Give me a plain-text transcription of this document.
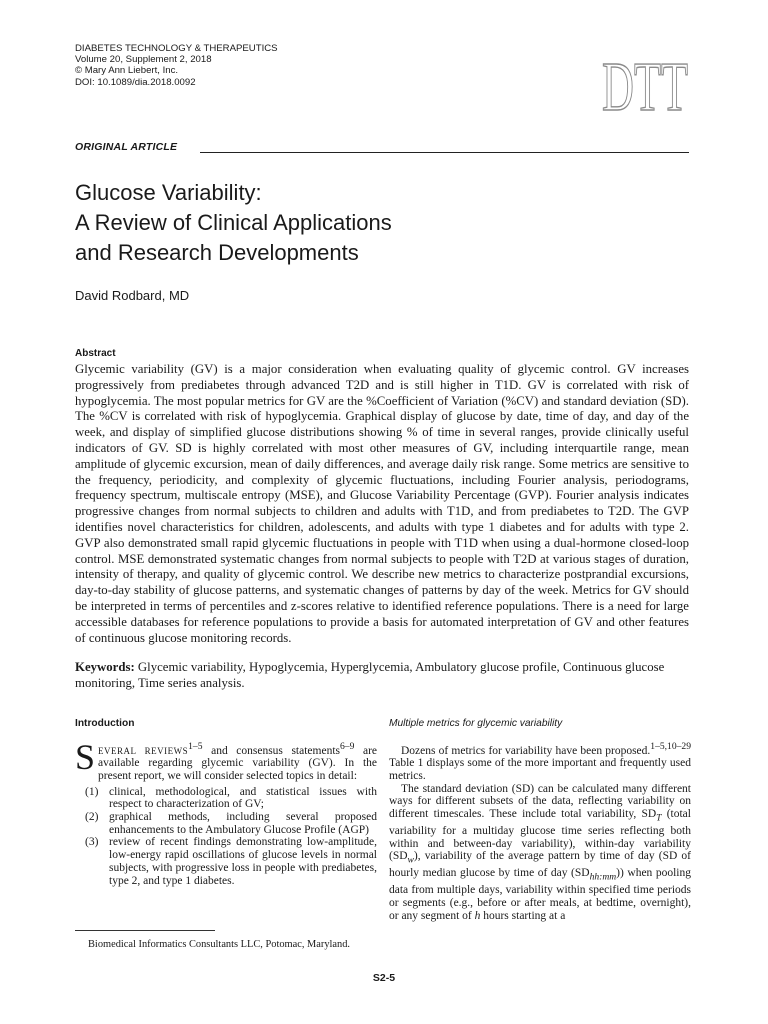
DIABETES TECHNOLOGY & THERAPEUTICS
Volume 20, Supplement 2, 2018
© Mary Ann Liebert, Inc.
DOI: 10.1089/dia.2018.0092	DTT
ORIGINAL ARTICLE
Glucose Variability:
A Review of Clinical Applications
and Research Developments
David Rodbard, MD
Abstract

Glycemic variability (GV) is a major consideration when evaluating quality of glycemic control. GV increases progressively from prediabetes through advanced T2D and is still higher in T1D. GV is correlated with risk of hypoglycemia. The most popular metrics for GV are the %Coefficient of Variation (%CV) and standard deviation (SD). The %CV is correlated with risk of hypoglycemia. Graphical display of glucose by date, time of day, and day of the week, and display of simplified glucose distributions showing % of time in several ranges, provide clinically useful indicators of GV. SD is highly correlated with most other measures of GV, including interquartile range, mean amplitude of glycemic excursion, mean of daily differences, and average daily risk range. Some metrics are sensitive to the frequency, periodicity, and complexity of glycemic fluctuations, including Fourier analysis, periodograms, frequency spectrum, multiscale entropy (MSE), and Glucose Variability Percentage (GVP). Fourier analysis indicates progressive changes from normal subjects to children and adults with T1D, and from prediabetes to T2D. The GVP identifies novel characteristics for children, adolescents, and adults with type 1 diabetes and for adults with type 2. GVP also demonstrated small rapid glycemic fluctuations in people with T1D when using a dual-hormone closed-loop control. MSE demonstrated systematic changes from normal subjects to people with T2D at various stages of duration, intensity of therapy, and quality of glycemic control. We describe new metrics to characterize postprandial excursions, day-to-day stability of glucose patterns, and systematic changes of patterns by day of the week. Metrics for GV should be interpreted in terms of percentiles and z-scores relative to identified reference populations. There is a need for large accessible databases for reference populations to provide a basis for automated interpretation of GV and other features of continuous glucose monitoring records.

Keywords: Glycemic variability, Hypoglycemia, Hyperglycemia, Ambulatory glucose profile, Continuous glucose monitoring, Time series analysis.

Introduction

SEVERAL REVIEWS$^{1-5}$ and consensus statements$^{6-9}$ are available regarding glycemic variability (GV). In the present report, we will consider selected topics in detail:

(1) clinical, methodological, and statistical issues with respect to characterization of GV;
(2) graphical methods, including several proposed enhancements to the Ambulatory Glucose Profile (AGP)
(3) review of recent findings demonstrating low-amplitude, low-energy rapid oscillations of glucose levels in normal subjects, with progressive loss in people with prediabetes, type 2, and type 1 diabetes.
Multiple metrics for glycemic variability

Dozens of metrics for variability have been proposed.$^{1-5,10-29}$ Table 1 displays some of the more important and frequently used metrics.

The standard deviation (SD) can be calculated many different ways for different subsets of the data, reflecting variability on different timescales. These include total variability, $SD_T$ (total variability for a multiday glucose time series reflecting both within and between-day variability), within-day variability $(SD_w)$, variability of the average pattern by time of day (SD of hourly median glucose by time of day $(SD_{hh:mm})$) when pooling data from multiple days, variability within specified time periods or segments (e.g., before or after meals, at bedtime, overnight), or any segment of h hours starting at a

Biomedical Informatics Consultants LLC, Potomac, Maryland.
S2-5
